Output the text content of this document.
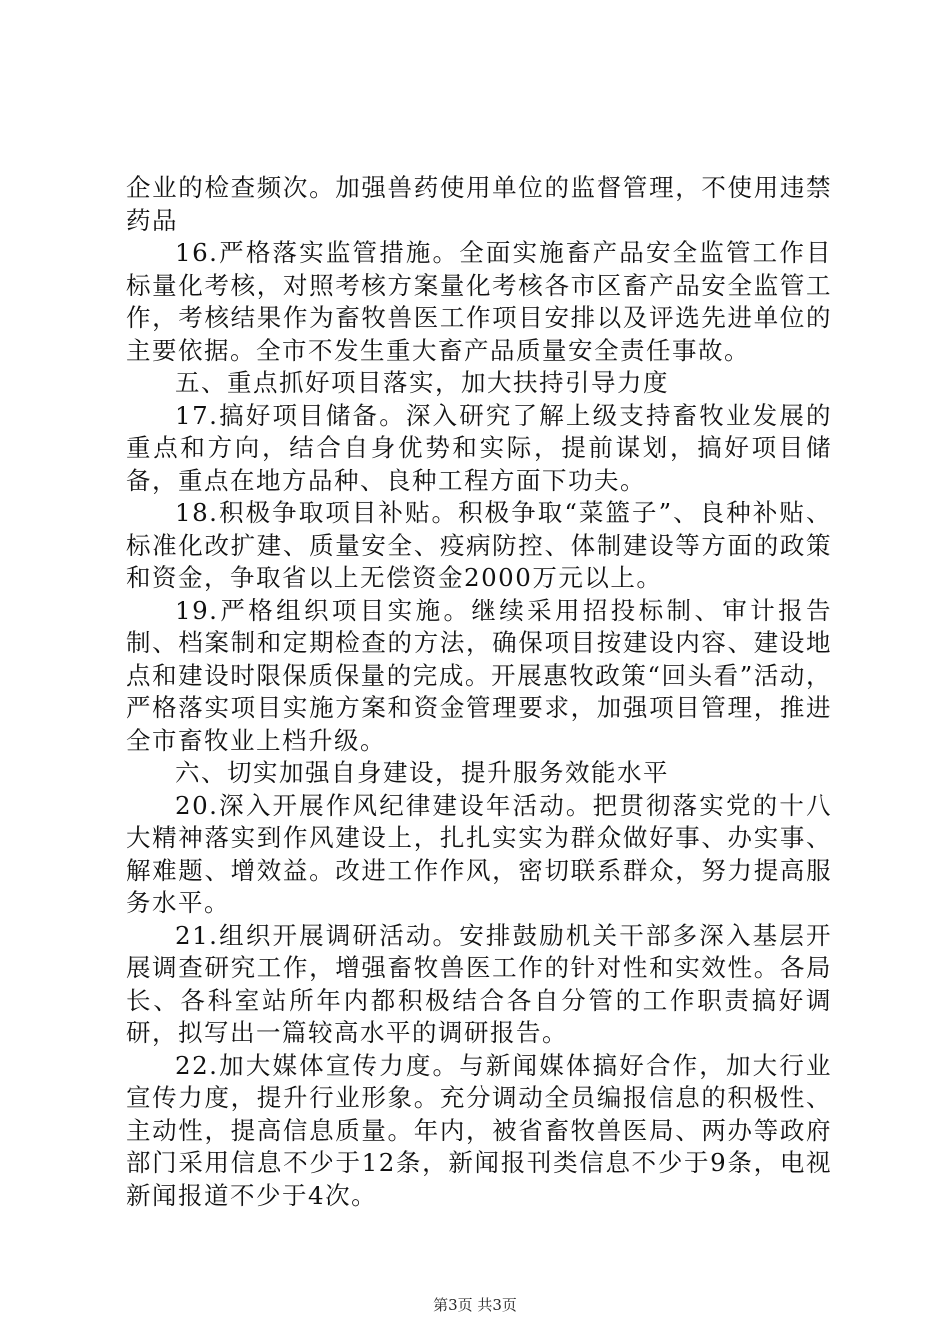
企业的检查频次。加强兽药使用单位的监督管理，不使用违禁药品

16.严格落实监管措施。全面实施畜产品安全监管工作目标量化考核，对照考核方案量化考核各市区畜产品安全监管工作，考核结果作为畜牧兽医工作项目安排以及评选先进单位的主要依据。全市不发生重大畜产品质量安全责任事故。

五、重点抓好项目落实，加大扶持引导力度

17.搞好项目储备。深入研究了解上级支持畜牧业发展的重点和方向，结合自身优势和实际，提前谋划，搞好项目储备，重点在地方品种、良种工程方面下功夫。

18.积极争取项目补贴。积极争取“菜篮子”、良种补贴、标准化改扩建、质量安全、疫病防控、体制建设等方面的政策和资金，争取省以上无偿资金2000万元以上。

19.严格组织项目实施。继续采用招投标制、审计报告制、档案制和定期检查的方法，确保项目按建设内容、建设地点和建设时限保质保量的完成。开展惠牧政策“回头看”活动，严格落实项目实施方案和资金管理要求，加强项目管理，推进全市畜牧业上档升级。

六、切实加强自身建设，提升服务效能水平

20.深入开展作风纪律建设年活动。把贯彻落实党的十八大精神落实到作风建设上，扎扎实实为群众做好事、办实事、解难题、增效益。改进工作作风，密切联系群众，努力提高服务水平。

21.组织开展调研活动。安排鼓励机关干部多深入基层开展调查研究工作，增强畜牧兽医工作的针对性和实效性。各局长、各科室站所年内都积极结合各自分管的工作职责搞好调研，拟写出一篇较高水平的调研报告。

22.加大媒体宣传力度。与新闻媒体搞好合作，加大行业宣传力度，提升行业形象。充分调动全员编报信息的积极性、主动性，提高信息质量。年内，被省畜牧兽医局、两办等政府部门采用信息不少于12条，新闻报刊类信息不少于9条，电视新闻报道不少于4次。

第3页 共3页
